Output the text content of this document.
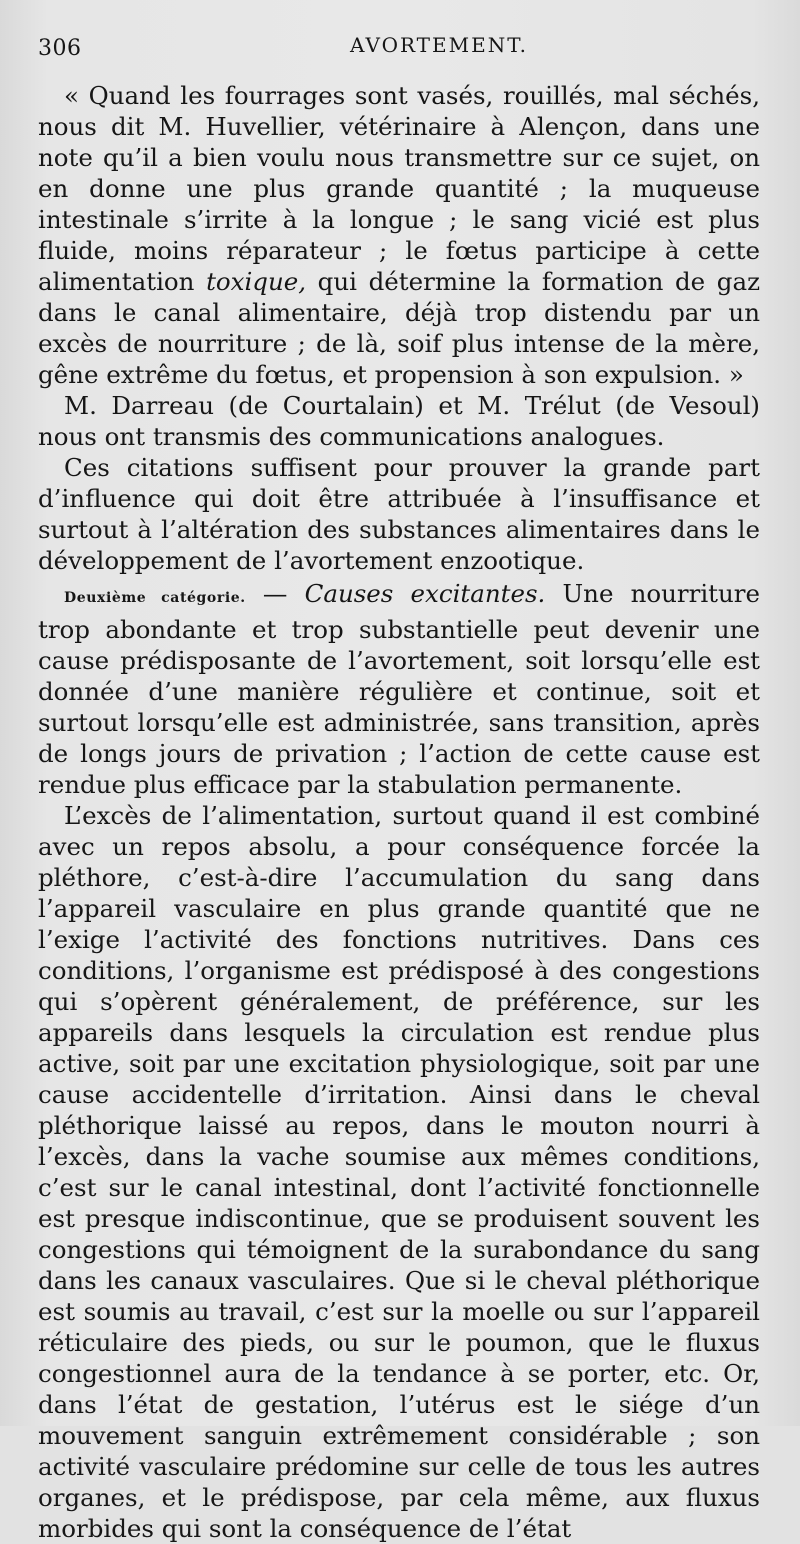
306	AVORTEMENT.

« Quand les fourrages sont vasés, rouillés, mal séchés, nous dit M. Huvellier, vétérinaire à Alençon, dans une note qu’il a bien voulu nous transmettre sur ce sujet, on en donne une plus grande quantité ; la muqueuse intestinale s’irrite à la longue ; le sang vicié est plus fluide, moins réparateur ; le fœtus participe à cette alimentation toxique, qui détermine la formation de gaz dans le canal alimentaire, déjà trop distendu par un excès de nourriture ; de là, soif plus intense de la mère, gêne extrême du fœtus, et propension à son expulsion. »

M. Darreau (de Courtalain) et M. Trélut (de Vesoul) nous ont transmis des communications analogues.

Ces citations suffisent pour prouver la grande part d’influence qui doit être attribuée à l’insuffisance et surtout à l’altération des substances alimentaires dans le développement de l’avortement enzootique.

Deuxième catégorie. — Causes excitantes. Une nourriture trop abondante et trop substantielle peut devenir une cause prédisposante de l’avortement, soit lorsqu’elle est donnée d’une manière régulière et continue, soit et surtout lorsqu’elle est administrée, sans transition, après de longs jours de privation ; l’action de cette cause est rendue plus efficace par la stabulation permanente.

L’excès de l’alimentation, surtout quand il est combiné avec un repos absolu, a pour conséquence forcée la pléthore, c’est-à-dire l’accumulation du sang dans l’appareil vasculaire en plus grande quantité que ne l’exige l’activité des fonctions nutritives. Dans ces conditions, l’organisme est prédisposé à des congestions qui s’opèrent généralement, de préférence, sur les appareils dans lesquels la circulation est rendue plus active, soit par une excitation physiologique, soit par une cause accidentelle d’irritation. Ainsi dans le cheval pléthorique laissé au repos, dans le mouton nourri à l’excès, dans la vache soumise aux mêmes conditions, c’est sur le canal intestinal, dont l’activité fonctionnelle est presque indiscontinue, que se produisent souvent les congestions qui témoignent de la surabondance du sang dans les canaux vasculaires. Que si le cheval pléthorique est soumis au travail, c’est sur la moelle ou sur l’appareil réticulaire des pieds, ou sur le poumon, que le fluxus congestionnel aura de la tendance à se porter, etc. Or, dans l’état de gestation, l’utérus est le siége d’un mouvement sanguin extrêmement considérable ; son activité vasculaire prédomine sur celle de tous les autres organes, et le prédispose, par cela même, aux fluxus morbides qui sont la conséquence de l’état
